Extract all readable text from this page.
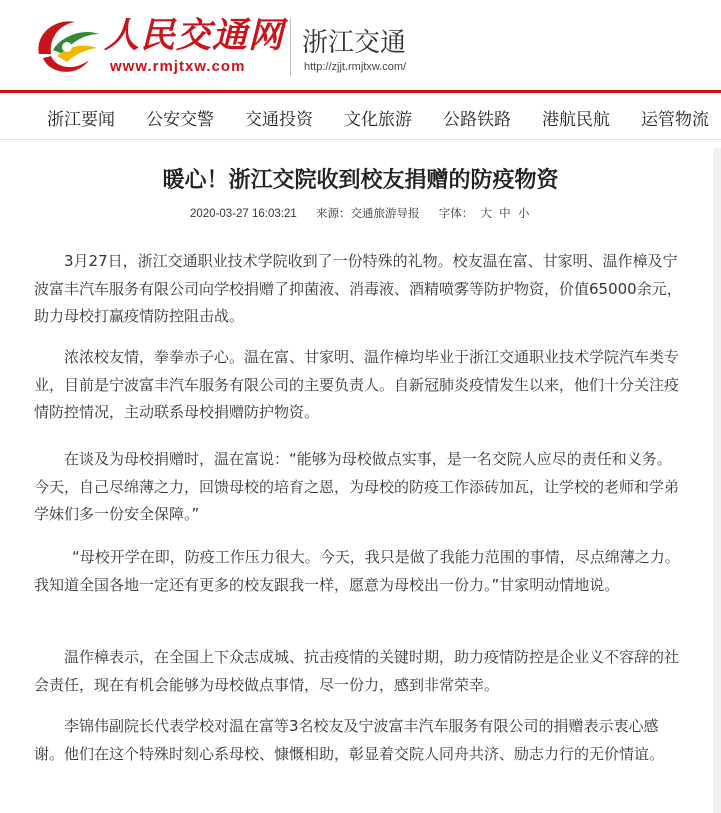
人民交通网
www.rmjtxw.com
浙江交通
http://zjjt.rmjtxw.com/
浙江要闻 公安交警 交通投资 文化旅游 公路铁路 港航民航 运管物流
暖心！浙江交院收到校友捐赠的防疫物资
2020-03-27 16:03:21 来源：交通旅游导报 字体： 大 中 小

3月27日，浙江交通职业技术学院收到了一份特殊的礼物。校友温在富、甘家明、温作樟及宁波富丰汽车服务有限公司向学校捐赠了抑菌液、消毒液、酒精喷雾等防护物资，价值65000余元，助力母校打赢疫情防控阻击战。

浓浓校友情，拳拳赤子心。温在富、甘家明、温作樟均毕业于浙江交通职业技术学院汽车类专业，目前是宁波富丰汽车服务有限公司的主要负责人。自新冠肺炎疫情发生以来，他们十分关注疫情防控情况，主动联系母校捐赠防护物资。

在谈及为母校捐赠时，温在富说：“能够为母校做点实事，是一名交院人应尽的责任和义务。今天，自己尽绵薄之力，回馈母校的培育之恩，为母校的防疫工作添砖加瓦，让学校的老师和学弟学妹们多一份安全保障。”

“母校开学在即，防疫工作压力很大。今天，我只是做了我能力范围的事情，尽点绵薄之力。我知道全国各地一定还有更多的校友跟我一样，愿意为母校出一份力。”甘家明动情地说。

温作樟表示，在全国上下众志成城、抗击疫情的关键时期，助力疫情防控是企业义不容辞的社会责任，现在有机会能够为母校做点事情，尽一份力，感到非常荣幸。

李锦伟副院长代表学校对温在富等3名校友及宁波富丰汽车服务有限公司的捐赠表示衷心感谢。他们在这个特殊时刻心系母校、慷慨相助，彰显着交院人同舟共济、励志力行的无价情谊。
